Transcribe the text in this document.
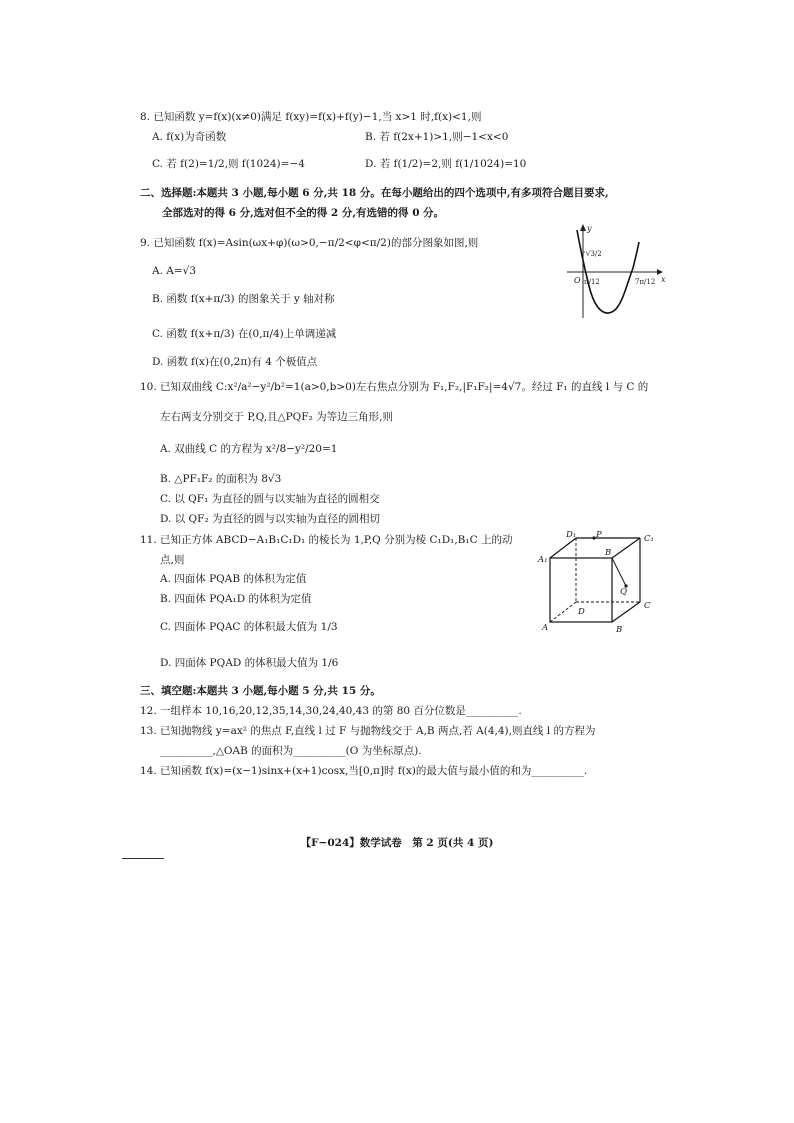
8. 已知函数 y=f(x)(x≠0)满足 f(xy)=f(x)+f(y)−1,当 x>1 时,f(x)<1,则
A. f(x)为奇函数	B. 若 f(2x+1)>1,则−1<x<0
C. 若 f(2)=1/2,则 f(1024)=−4	D. 若 f(1/2)=2,则 f(1/1024)=10
二、选择题:本题共 3 小题,每小题 6 分,共 18 分。在每小题给出的四个选项中,有多项符合题目要求,
全部选对的得 6 分,选对但不全的得 2 分,有选错的得 0 分。
9. 已知函数 f(x)=Asin(ωx+φ)(ω>0,−π/2<φ<π/2)的部分图象如图,则
A. A=√3
B. 函数 f(x+π/3) 的图象关于 y 轴对称
C. 函数 f(x+π/3) 在(0,π/4)上单调递减
D. 函数 f(x)在(0,2π)有 4 个极值点
x
y
O
√3/2
π/12	7π/12
10. 已知双曲线 C:x²/a²−y²/b²=1(a>0,b>0)左右焦点分别为 F₁,F₂,|F₁F₂|=4√7。经过 F₁ 的直线 l 与 C 的
左右两支分别交于 P,Q,且△PQF₂ 为等边三角形,则
A. 双曲线 C 的方程为 x²/8−y²/20=1
B. △PF₁F₂ 的面积为 8√3
C. 以 QF₁ 为直径的圆与以实轴为直径的圆相交
D. 以 QF₂ 为直径的圆与以实轴为直径的圆相切
11. 已知正方体 ABCD−A₁B₁C₁D₁ 的棱长为 1,P,Q 分别为棱 C₁D₁,B₁C 上的动
点,则
A. 四面体 PQAB 的体积为定值
B. 四面体 PQA₁D 的体积为定值
C. 四面体 PQAC 的体积最大值为 1/3
D. 四面体 PQAD 的体积最大值为 1/6
D₁ P	C₁
A₁
B
Q
D
C
A	B
三、填空题:本题共 3 小题,每小题 5 分,共 15 分。
12. 一组样本 10,16,20,12,35,14,30,24,40,43 的第 80 百分位数是__________.
13. 已知抛物线 y=ax² 的焦点 F,直线 l 过 F 与抛物线交于 A,B 两点,若 A(4,4),则直线 l 的方程为
__________,△OAB 的面积为__________(O 为坐标原点).
14. 已知函数 f(x)=(x−1)sinx+(x+1)cosx,当[0,π]时 f(x)的最大值与最小值的和为__________.
【F−024】数学试卷　第 2 页(共 4 页)
